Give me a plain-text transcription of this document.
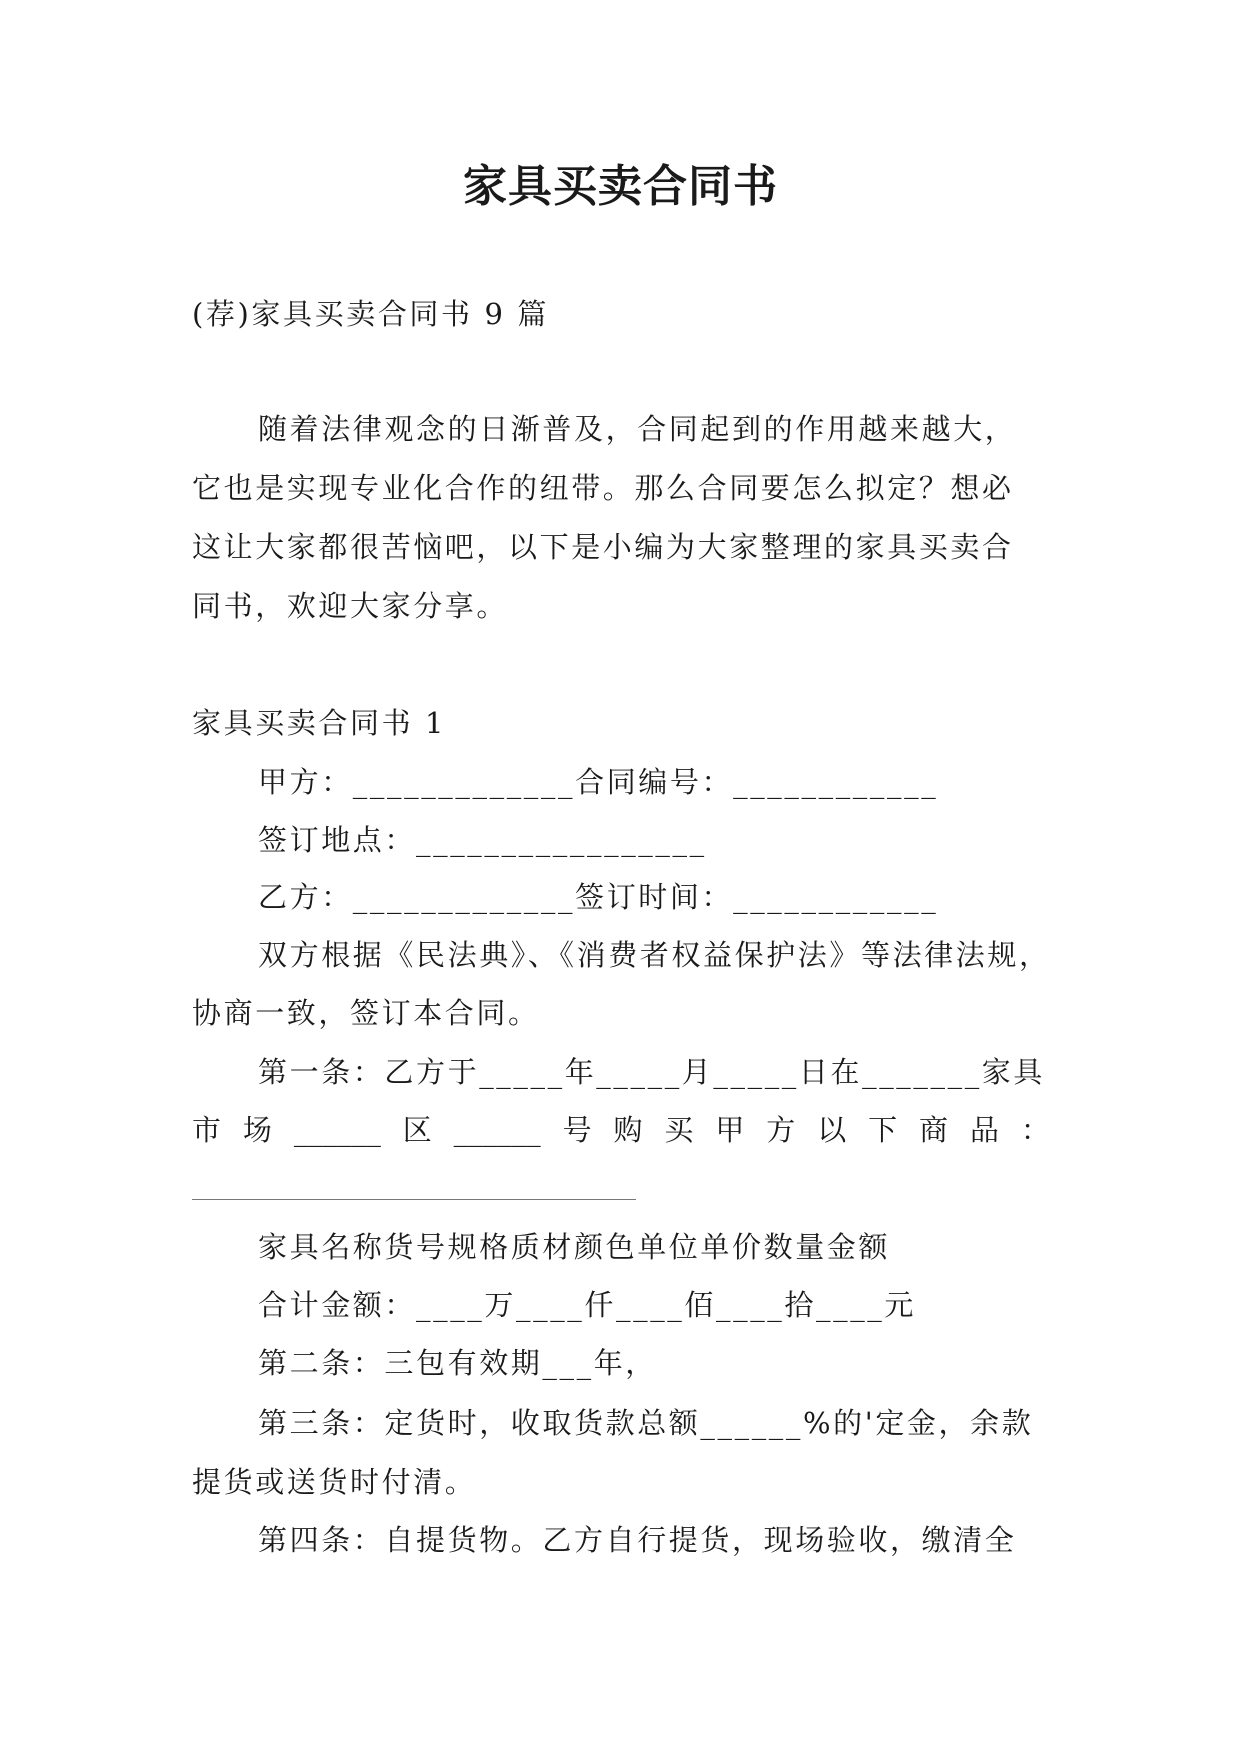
家具买卖合同书
(荐)家具买卖合同书 9 篇
随着法律观念的日渐普及，合同起到的作用越来越大，
它也是实现专业化合作的纽带。那么合同要怎么拟定？想必
这让大家都很苦恼吧，以下是小编为大家整理的家具买卖合
同书，欢迎大家分享。
家具买卖合同书 1
甲方：_____________合同编号：____________
签订地点：_________________
乙方：_____________签订时间：____________
双方根据《民法典》、《消费者权益保护法》等法律法规，
协商一致，签订本合同。
第一条：乙方于_____年_____月_____日在_______家具
市 场 ______ 区 ______ 号 购 买 甲 方 以 下 商 品 ：
家具名称货号规格质材颜色单位单价数量金额
合计金额：____万____仟____佰____拾____元
第二条：三包有效期___年，
第三条：定货时，收取货款总额______%的'定金，余款
提货或送货时付清。
第四条：自提货物。乙方自行提货，现场验收，缴清全
